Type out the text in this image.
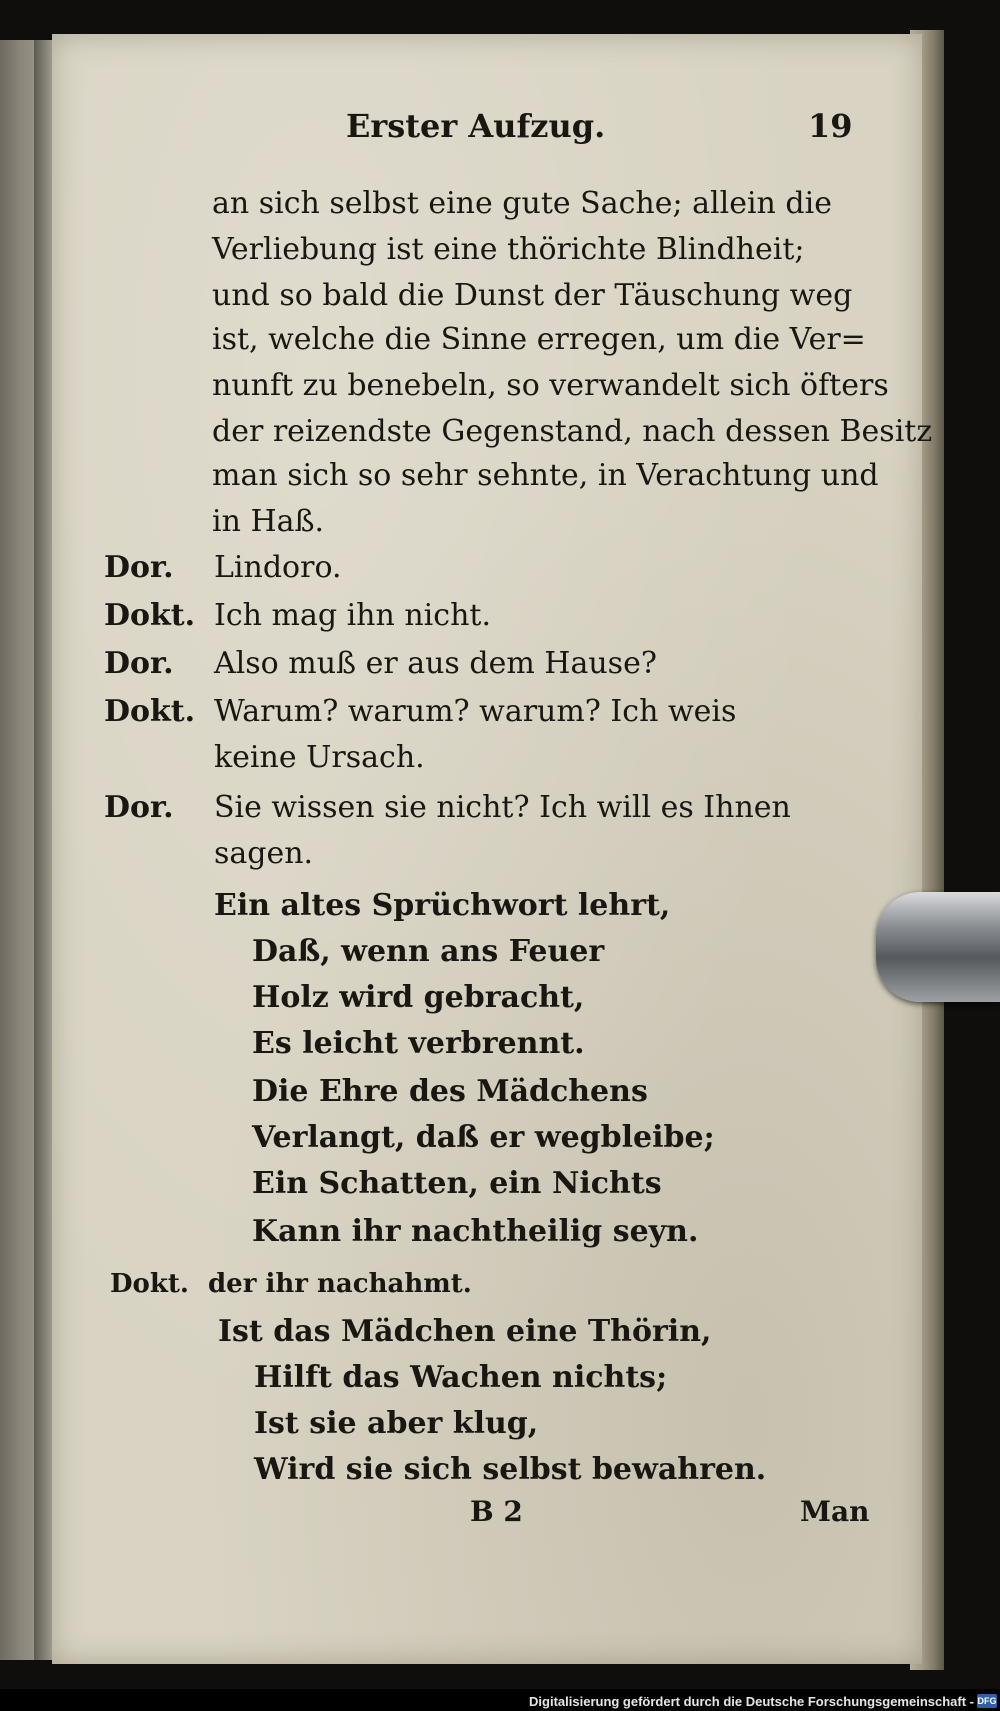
Erster Aufzug.	19

an sich selbst eine gute Sache; allein die

Verliebung ist eine thörichte Blindheit;

und so bald die Dunst der Täuschung weg

ist, welche die Sinne erregen, um die Ver=

nunft zu benebeln, so verwandelt sich öfters

der reizendste Gegenstand, nach dessen Besitz

man sich so sehr sehnte, in Verachtung und

in Haß.

Dor. Lindoro.

Dokt. Ich mag ihn nicht.

Dor. Also muß er aus dem Hause?

Dokt. Warum? warum? warum? Ich weis

keine Ursach.

Dor. Sie wissen sie nicht? Ich will es Ihnen

sagen.

Ein altes Sprüchwort lehrt,

Daß, wenn ans Feuer

Holz wird gebracht,

Es leicht verbrennt.

Die Ehre des Mädchens

Verlangt, daß er wegbleibe;

Ein Schatten, ein Nichts

Kann ihr nachtheilig seyn.

Dokt. der ihr nachahmt.

Ist das Mädchen eine Thörin,

Hilft das Wachen nichts;

Ist sie aber klug,

Wird sie sich selbst bewahren.

B 2	Man

Digitalisierung gefördert durch die Deutsche Forschungsgemeinschaft - DFG
